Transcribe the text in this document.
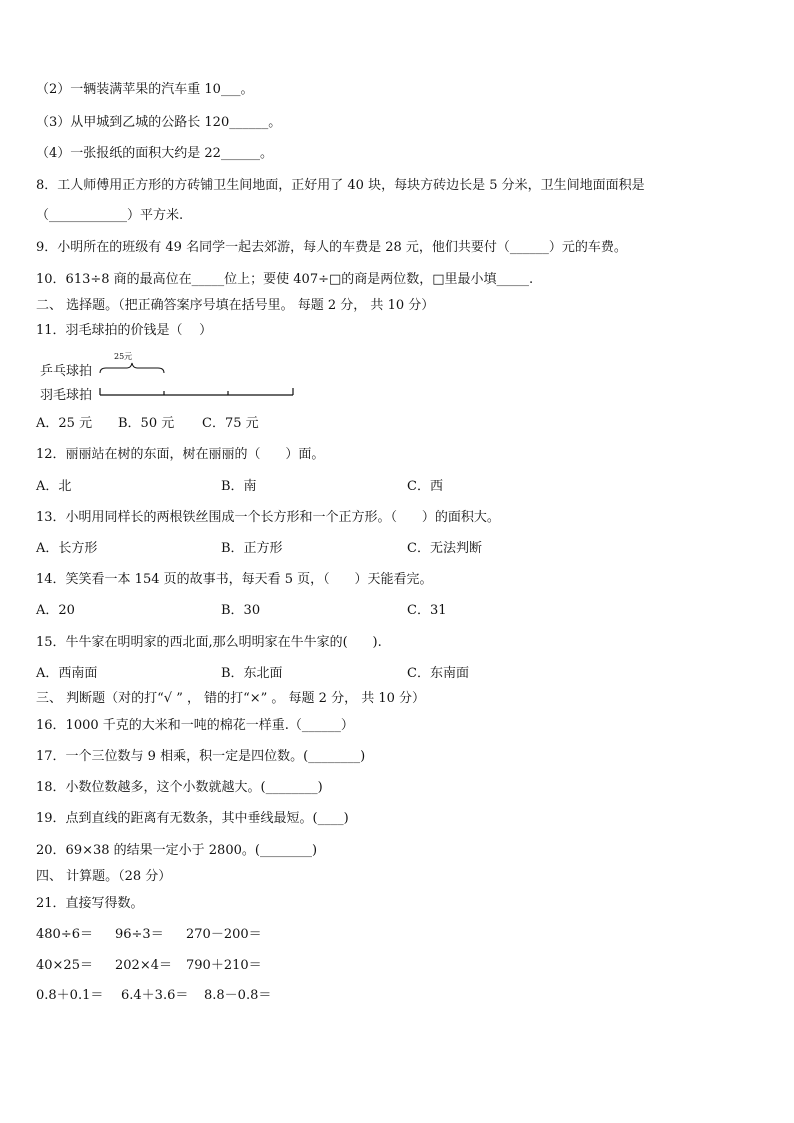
（2）一辆装满苹果的汽车重 10___。
（3）从甲城到乙城的公路长 120______。
（4）一张报纸的面积大约是 22______。
8．工人师傅用正方形的方砖铺卫生间地面，正好用了 40 块，每块方砖边长是 5 分米，卫生间地面面积是
（____________）平方米.
9．小明所在的班级有 49 名同学一起去郊游，每人的车费是 28 元，他们共要付（______）元的车费。
10．613÷8 商的最高位在_____位上；要使 407÷□的商是两位数，□里最小填_____.
二、 选择题。（把正确答案序号填在括号里。 每题 2 分， 共 10 分）
11．羽毛球拍的价钱是（    ）
乒乓球拍
25元
羽毛球拍
A．25 元 B．50 元 C．75 元
12．丽丽站在树的东面，树在丽丽的（      ）面。
A．北	B．南	C．西
13．小明用同样长的两根铁丝围成一个长方形和一个正方形。（      ）的面积大。
A．长方形	B．正方形	C．无法判断
14．笑笑看一本 154 页的故事书，每天看 5 页，（      ）天能看完。
A．20	B．30	C．31
15．牛牛家在明明家的西北面,那么明明家在牛牛家的(      ).
A．西南面	B．东北面	C．东南面
三、 判断题（对的打“√ ” ， 错的打“×” 。 每题 2 分， 共 10 分）
16．1000 千克的大米和一吨的棉花一样重.（______）
17．一个三位数与 9 相乘，积一定是四位数。(________)
18．小数位数越多，这个小数就越大。(________)
19．点到直线的距离有无数条，其中垂线最短。(____)
20．69×38 的结果一定小于 2800。(________)
四、 计算题。（28 分）
21．直接写得数。
480÷6＝ 96÷3＝ 270－200＝
40×25＝ 202×4＝ 790＋210＝
0.8＋0.1＝ 6.4＋3.6＝ 8.8－0.8＝
